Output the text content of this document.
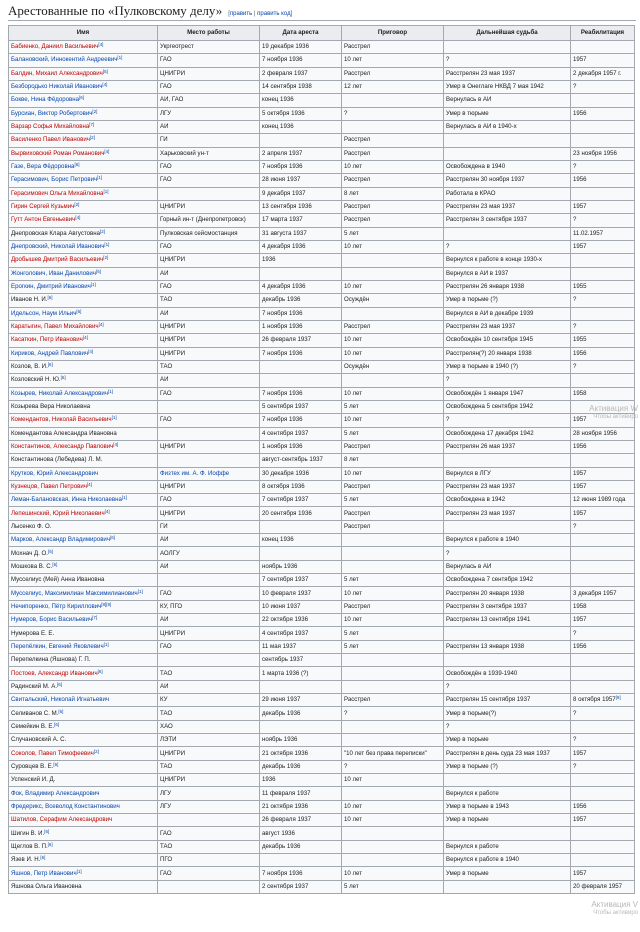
Арестованные по «Пулковскому делу» [править | править код]
Имя	Место работы	Дата ареста	Приговор	Дальнейшая судьба	Реабилитация
Бабиенко, Даниил Васильевич[4]	Укргеотрест	19 декабря 1936	Расстрел		
Балановский, Иннокентий Андреевич[1]	ГАО	7 ноября 1936	10 лет	?	1957
Балдин, Михаил Александрович[5]	ЦНИГРИ	2 февраля 1937	Расстрел	Расстрелян 23 мая 1937	2 декабря 1957 г.
Безбородько Николай Иванович[4]	ГАО	14 сентября 1938	12 лет	Умер в Онеглаге НКВД 7 мая 1942	?
Бокве, Нина Фёдоровна[6]	АИ, ГАО	конец 1936		Вернулась в АИ	
Бурсиан, Виктор Робертович[2]	ЛГУ	5 октября 1936	?	Умер в тюрьме	1956
Варзар Софья Михайловна[7]	АИ	конец 1936		Вернулась в АИ в 1940-х	
Василенко Павел Иванович[2]	ГИ		Расстрел		
Вырвиховский Роман Романович[4]	Харьковский ун-т	2 апреля 1937	Расстрел		23 ноября 1956
Газе, Вера Фёдоровна[6]	ГАО	7 ноября 1936	10 лет	Освобождена в 1940	?
Герасимович, Борис Петрович[1]	ГАО	28 июня 1937	Расстрел	Расстрелян 30 ноября 1937	1956
Герасимович Ольга Михайловна[1]		9 декабря 1937	8 лет	Работала в КРАО	
Гирин Сергей Кузьмич[2]	ЦНИГРИ	13 сентября 1936	Расстрел	Расстрелян 23 мая 1937	1957
Гутт Антон Евгеньевич[4]	Горный ин-т (Днепропетровск)	17 марта 1937	Расстрел	Расстрелян 3 сентября 1937	?
Днепровская Клара Августовна[2]	Пулковская сейсмостанция	31 августа 1937	5 лет		11.02.1957
Днепровский, Николай Иванович[1]	ГАО	4 декабря 1936	10 лет	?	1957
Дробышев Дмитрий Васильевич[2]	ЦНИГРИ	1936		Вернулся к работе в конце 1930-х	
Жонголович, Иван Данилович[6]	АИ			Вернулся в АИ в 1937	
Ерогкин, Дмитрий Иванович[1]	ГАО	4 декабря 1936	10 лет	Расстрелян 26 января 1938	1955
Иванов Н. И.[6]	ТАО	декабрь 1936	Осуждён	Умер в тюрьме (?)	?
Идельсон, Наум Ильич[6]	АИ	7 ноября 1936		Вернулся в АИ в декабре 1939	
Каратыгин, Павел Михайлович[4]	ЦНИГРИ	1 ноября 1936	Расстрел	Расстрелян 23 мая 1937	?
Касаткин, Петр Иванович[4]	ЦНИГРИ	26 февраля 1937	10 лет	Освобождён 10 сентября 1945	1955
Кириков, Андрей Павлович[4]	ЦНИГРИ	7 ноября 1936	10 лет	Расстрелян(?) 20 января 1938	1956
Козлов, В. И.[6]	ТАО		Осуждён	Умер в тюрьме в 1940 (?)	?
Козловский Н. Ю.[6]	АИ			?	
Козырев, Николай Александрович[1]	ГАО	7 ноября 1936	10 лет	Освобождён 1 января 1947	1958
Козырева Вера Николаевна		5 сентября 1937	5 лет	Освобождена 5 сентября 1942	
Комендантов, Николай Васильевич[1]	ГАО	7 ноября 1936	10 лет	?	1957
Комендантова Александра Ивановна		4 сентября 1937	5 лет	Освобождена 17 декабря 1942	28 ноября 1956
Константинов, Александр Павлович[4]	ЦНИГРИ	1 ноября 1936	Расстрел	Расстрелян 26 мая 1937	1956
Константинова (Лебедева) Л. М.		август-сентябрь 1937	8 лет		
Крутков, Юрий Александрович	Физтех им. А. Ф. Иоффе	30 декабря 1936	10 лет	Вернулся в ЛГУ	1957
Кузнецов, Павел Петрович[4]	ЦНИГРИ	8 октября 1936	Расстрел	Расстрелян 23 мая 1937	1957
Леман-Балановская, Инна Николаевна[1]	ГАО	7 сентября 1937	5 лет	Освобождена в 1942	12 июня 1989 года
Лепешинский, Юрий Николаевич[4]	ЦНИГРИ	20 сентября 1936	Расстрел	Расстрелян 23 мая 1937	1957
Лысенко Ф. О.	ГИ		Расстрел		?
Марков, Александр Владимирович[6]	АИ	конец 1936		Вернулся к работе в 1940	
Мохнач Д. О.[6]	АОЛГУ			?	
Мошкова В. С.[6]	АИ	ноябрь 1936		Вернулась в АИ	
Мусселиус (Мей) Анна Ивановна		7 сентября 1937	5 лет	Освобождена 7 сентября 1942	
Мусселиус, Максимилиан Максимилианович[1]	ГАО	10 февраля 1937	10 лет	Расстрелян 20 января 1938	3 декабря 1957
Нечипоренко, Пётр Кириллович[8][9]	КУ, ПГО	10 июня 1937	Расстрел	Расстрелян 3 сентября 1937	1958
Нумеров, Борис Васильевич[7]	АИ	22 октября 1936	10 лет	Расстрелян 13 сентября 1941	1957
Нумерова Е. Е.	ЦНИГРИ	4 сентября 1937	5 лет		?
Перепёлкин, Евгений Яковлевич[1]	ГАО	11 мая 1937	5 лет	Расстрелян 13 января 1938	1956
Перепелкина (Яшнова) Г. П.		сентябрь 1937			
Постоев, Александр Иванович[6]	ТАО	1 марта 1936 (?)		Освобождён в 1939-1940	
Радинский М. А.[6]	АИ			?	
Свитальский, Николай Игнатьевич	КУ	29 июня 1937	Расстрел	Расстрелян 15 сентября 1937	8 октября 1957[9]
Селиванов С. М.[6]	ТАО	декабрь 1936	?	Умер в тюрьме(?)	?
Семейкин В. Е.[6]	ХАО			?	
Случановский А. С.	ЛЭТИ	ноябрь 1936		Умер в тюрьме	?
Соколов, Павел Тимофеевич[2]	ЦНИГРИ	21 октября 1936	"10 лет без права переписки"	Расстрелян в день суда 23 мая 1937	1957
Суровцев В. Е.[6]	ТАО	декабрь 1936	?	Умер в тюрьме (?)	?
Успенский И. Д.	ЦНИГРИ	1936	10 лет		
Фок, Владимир Александрович	ЛГУ	11 февраля 1937		Вернулся к работе	
Фредерикс, Всеволод Константинович	ЛГУ	21 октября 1936	10 лет	Умер в тюрьме в 1943	1956
Шатилов, Серафим Александрович		26 февраля 1937	10 лет	Умер в тюрьме	1957
Шигин В. И.[6]	ГАО	август 1936			
Щеглов В. П.[6]	ТАО	декабрь 1936		Вернулся к работе	
Язев И. Н.[6]	ПГО			Вернулся к работе в 1940	
Яшнов, Петр Иванович[1]	ГАО	7 ноября 1936	10 лет	Умер в тюрьме	1957
Яшнова Ольга Ивановна		2 сентября 1937	5 лет		20 февраля 1957
Активация W
Чтобы активиро
Активация V
Чтобы активиро
